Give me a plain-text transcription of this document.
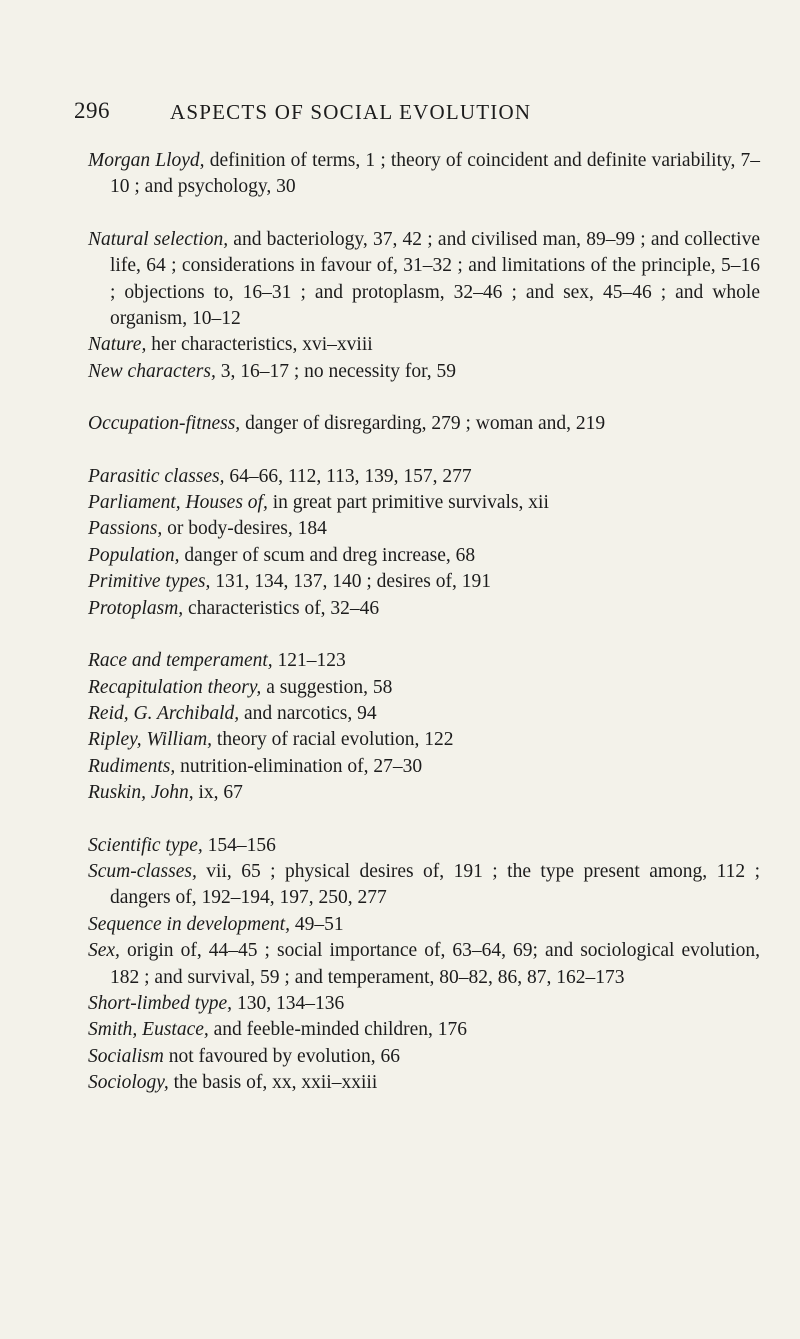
296	ASPECTS OF SOCIAL EVOLUTION
Morgan Lloyd, definition of terms, 1 ; theory of coincident and definite variability, 7–10 ; and psychology, 30
Natural selection, and bacteriology, 37, 42 ; and civilised man, 89–99 ; and collective life, 64 ; considerations in favour of, 31–32 ; and limitations of the principle, 5–16 ; objections to, 16–31 ; and protoplasm, 32–46 ; and sex, 45–46 ; and whole organism, 10–12
Nature, her characteristics, xvi–xviii
New characters, 3, 16–17 ; no necessity for, 59
Occupation-fitness, danger of disregarding, 279 ; woman and, 219
Parasitic classes, 64–66, 112, 113, 139, 157, 277
Parliament, Houses of, in great part primitive survivals, xii
Passions, or body-desires, 184
Population, danger of scum and dreg increase, 68
Primitive types, 131, 134, 137, 140 ; desires of, 191
Protoplasm, characteristics of, 32–46
Race and temperament, 121–123
Recapitulation theory, a suggestion, 58
Reid, G. Archibald, and narcotics, 94
Ripley, William, theory of racial evolution, 122
Rudiments, nutrition-elimination of, 27–30
Ruskin, John, ix, 67
Scientific type, 154–156
Scum-classes, vii, 65 ; physical desires of, 191 ; the type present among, 112 ; dangers of, 192–194, 197, 250, 277
Sequence in development, 49–51
Sex, origin of, 44–45 ; social importance of, 63–64, 69; and sociological evolution, 182 ; and survival, 59 ; and temperament, 80–82, 86, 87, 162–173
Short-limbed type, 130, 134–136
Smith, Eustace, and feeble-minded children, 176
Socialism not favoured by evolution, 66
Sociology, the basis of, xx, xxii–xxiii
